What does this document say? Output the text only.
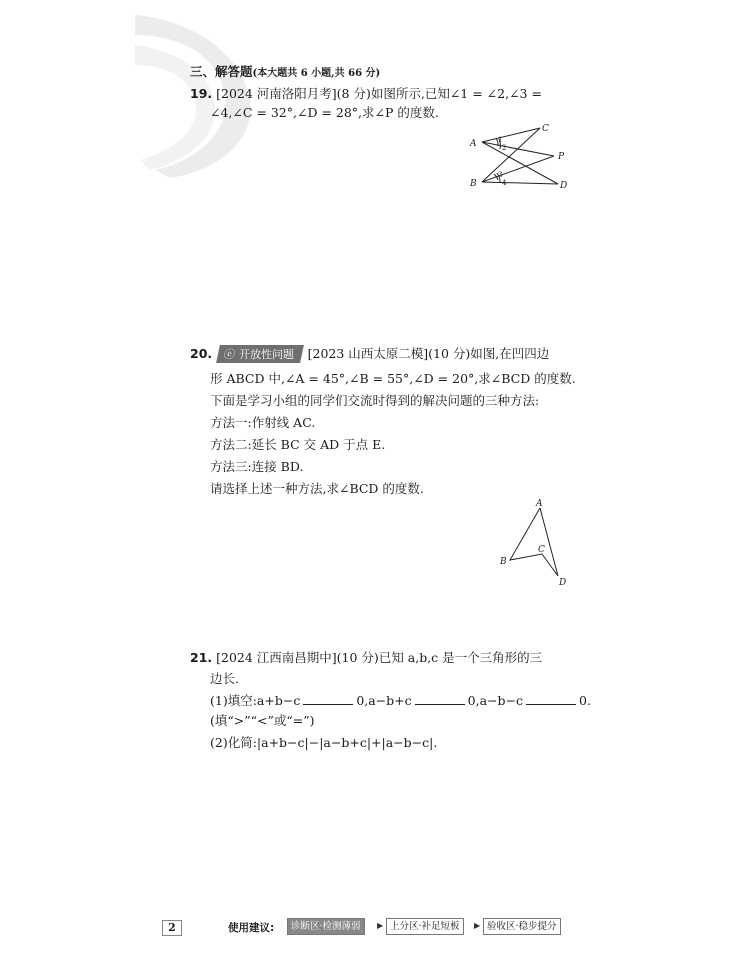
三、解答题(本大题共 6 小题,共 66 分)
19. [2024 河南洛阳月考](8 分)如图所示,已知∠1 = ∠2,∠3 =
∠4,∠C = 32°,∠D = 28°,求∠P 的度数.
A
B
C
P
D
1
2
3
4
20. ⓔ 开放性问题 [2023 山西太原二模](10 分)如图,在凹四边
形 ABCD 中,∠A = 45°,∠B = 55°,∠D = 20°,求∠BCD 的度数.
下面是学习小组的同学们交流时得到的解决问题的三种方法:
方法一:作射线 AC.
方法二:延长 BC 交 AD 于点 E.
方法三:连接 BD.
请选择上述一种方法,求∠BCD 的度数.
A
B
C
D
21. [2024 江西南昌期中](10 分)已知 a,b,c 是一个三角形的三
边长.
(1)填空:a+b−c	0,a−b+c	0,a−b−c	0.
(填“>”“<”或“=”)
(2)化简:|a+b−c|−|a−b+c|+|a−b−c|.
2	使用建议:	诊断区·检测薄弱	▶ 上分区·补足短板	▶ 验收区·稳步提分
